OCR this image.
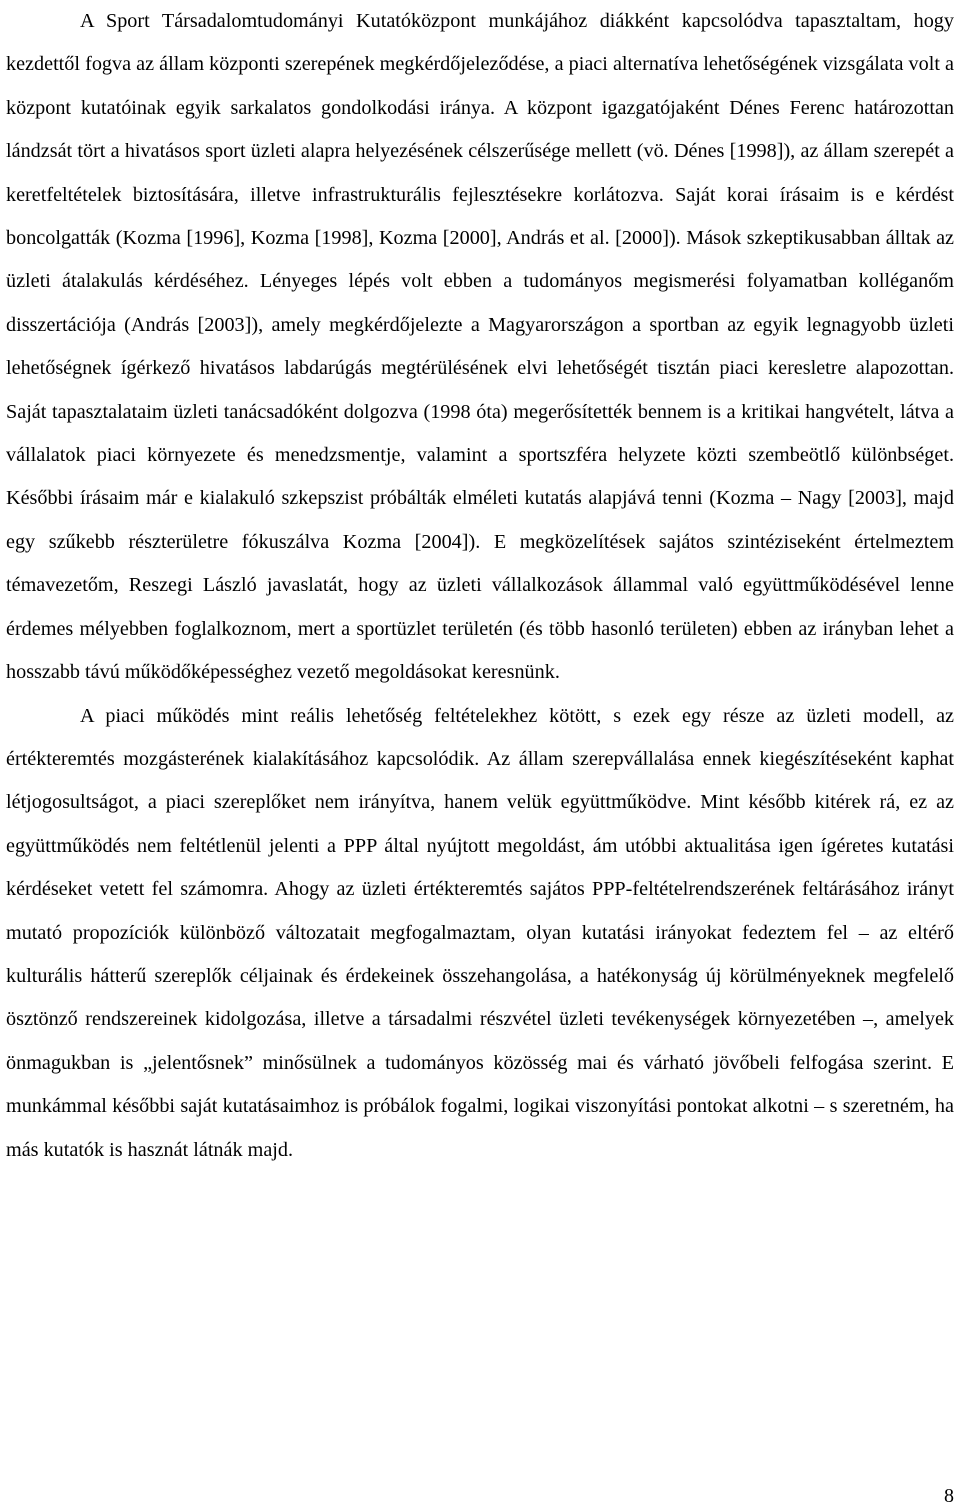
A Sport Társadalomtudományi Kutatóközpont munkájához diákként kapcsolódva tapasztaltam, hogy kezdettől fogva az állam központi szerepének megkérdőjeleződése, a piaci alternatíva lehetőségének vizsgálata volt a központ kutatóinak egyik sarkalatos gondolkodási iránya. A központ igazgatójaként Dénes Ferenc határozottan lándzsát tört a hivatásos sport üzleti alapra helyezésének célszerűsége mellett (vö. Dénes [1998]), az állam szerepét a keretfeltételek biztosítására, illetve infrastrukturális fejlesztésekre korlátozva. Saját korai írásaim is e kérdést boncolgatták (Kozma [1996], Kozma [1998], Kozma [2000], András et al. [2000]). Mások szkeptikusabban álltak az üzleti átalakulás kérdéséhez. Lényeges lépés volt ebben a tudományos megismerési folyamatban kolléganőm disszertációja (András [2003]), amely megkérdőjelezte a Magyarországon a sportban az egyik legnagyobb üzleti lehetőségnek ígérkező hivatásos labdarúgás megtérülésének elvi lehetőségét tisztán piaci keresletre alapozottan. Saját tapasztalataim üzleti tanácsadóként dolgozva (1998 óta) megerősítették bennem is a kritikai hangvételt, látva a vállalatok piaci környezete és menedzsmentje, valamint a sportszféra helyzete közti szembeötlő különbséget. Későbbi írásaim már e kialakuló szkepszist próbálták elméleti kutatás alapjává tenni (Kozma – Nagy [2003], majd egy szűkebb részterületre fókuszálva Kozma [2004]). E megközelítések sajátos szintéziseként értelmeztem témavezetőm, Reszegi László javaslatát, hogy az üzleti vállalkozások állammal való együttműködésével lenne érdemes mélyebben foglalkoznom, mert a sportüzlet területén (és több hasonló területen) ebben az irányban lehet a hosszabb távú működőképességhez vezető megoldásokat keresnünk.

A piaci működés mint reális lehetőség feltételekhez kötött, s ezek egy része az üzleti modell, az értékteremtés mozgásterének kialakításához kapcsolódik. Az állam szerepvállalása ennek kiegészítéseként kaphat létjogosultságot, a piaci szereplőket nem irányítva, hanem velük együttműködve. Mint később kitérek rá, ez az együttműködés nem feltétlenül jelenti a PPP által nyújtott megoldást, ám utóbbi aktualitása igen ígéretes kutatási kérdéseket vetett fel számomra. Ahogy az üzleti értékteremtés sajátos PPP-feltételrendszerének feltárásához irányt mutató propozíciók különböző változatait megfogalmaztam, olyan kutatási irányokat fedeztem fel – az eltérő kulturális hátterű szereplők céljainak és érdekeinek összehangolása, a hatékonyság új körülményeknek megfelelő ösztönző rendszereinek kidolgozása, illetve a társadalmi részvétel üzleti tevékenységek környezetében –, amelyek önmagukban is „jelentősnek” minősülnek a tudományos közösség mai és várható jövőbeli felfogása szerint. E munkámmal későbbi saját kutatásaimhoz is próbálok fogalmi, logikai viszonyítási pontokat alkotni – s szeretném, ha más kutatók is hasznát látnák majd.

8
